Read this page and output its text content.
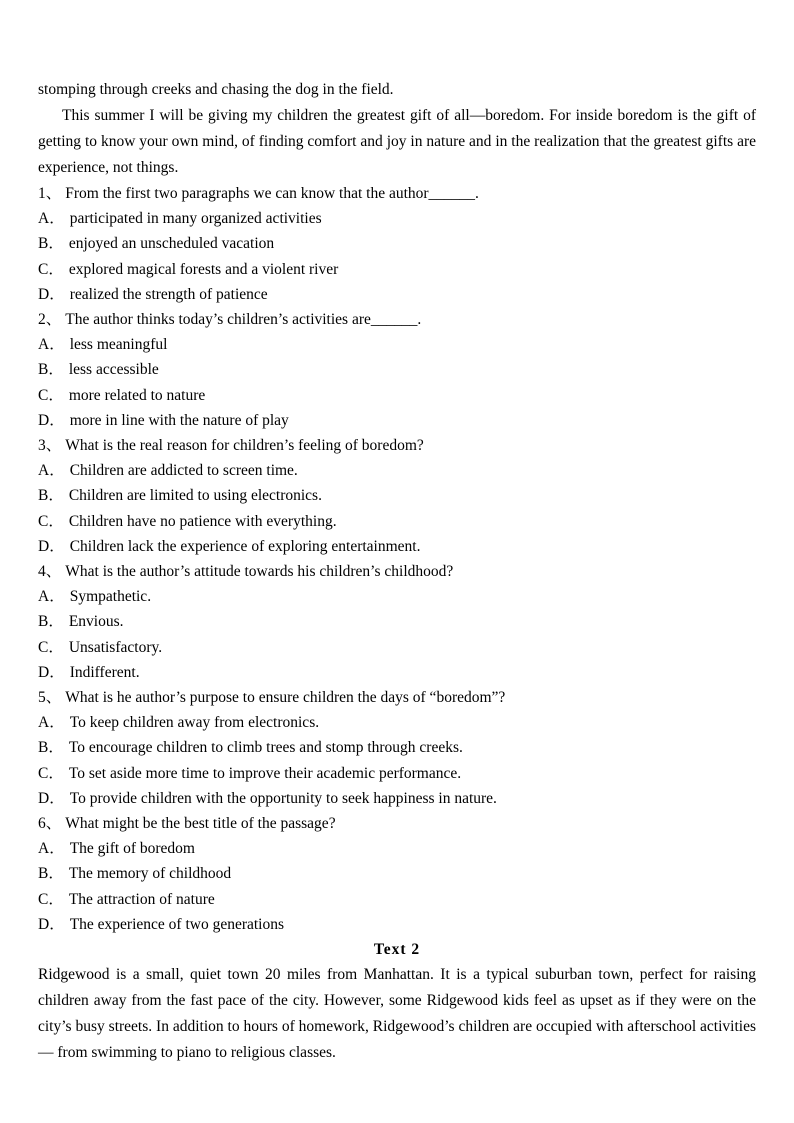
stomping through creeks and chasing the dog in the field.

This summer I will be giving my children the greatest gift of all—boredom. For inside boredom is the gift of getting to know your own mind, of finding comfort and joy in nature and in the realization that the greatest gifts are experience, not things.

1、 From the first two paragraphs we can know that the author______.
A． participated in many organized activities
B． enjoyed an unscheduled vacation
C． explored magical forests and a violent river
D． realized the strength of patience
2、 The author thinks today’s children’s activities are______.
A． less meaningful
B． less accessible
C． more related to nature
D． more in line with the nature of play
3、 What is the real reason for children’s feeling of boredom?
A． Children are addicted to screen time.
B． Children are limited to using electronics.
C． Children have no patience with everything.
D． Children lack the experience of exploring entertainment.
4、 What is the author’s attitude towards his children’s childhood?
A． Sympathetic.
B． Envious.
C． Unsatisfactory.
D． Indifferent.
5、 What is he author’s purpose to ensure children the days of “boredom”?
A． To keep children away from electronics.
B． To encourage children to climb trees and stomp through creeks.
C． To set aside more time to improve their academic performance.
D． To provide children with the opportunity to seek happiness in nature.
6、 What might be the best title of the passage?
A． The gift of boredom
B． The memory of childhood
C． The attraction of nature
D． The experience of two generations
Text 2

Ridgewood is a small, quiet town 20 miles from Manhattan. It is a typical suburban town, perfect for raising children away from the fast pace of the city. However, some Ridgewood kids feel as upset as if they were on the city’s busy streets. In addition to hours of homework, Ridgewood’s children are occupied with afterschool activities — from swimming to piano to religious classes.
